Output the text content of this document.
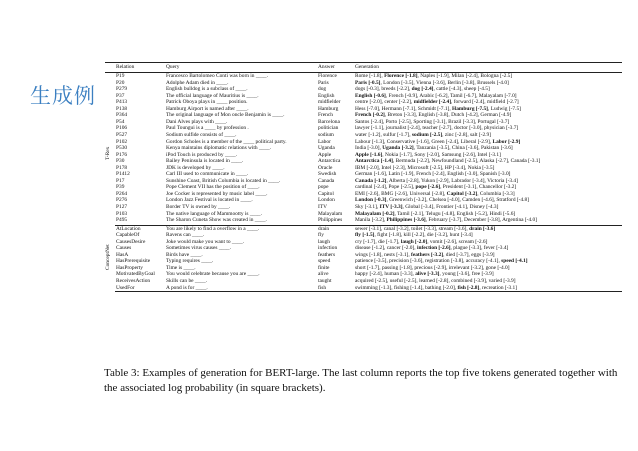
生成例
	Relation	Query	Answer	Generation

T-Rex	P19	Francesco Bartolomeo Conti was born in ____.	Florence	Rome [-1.8], Florence [-1.8], Naples [-1.9], Milan [-2.4], Bologna [-2.5]
	P20	Adolphe Adam died in ____.	Paris	Paris [-0.5], London [-3.5], Vienna [-3.6], Berlin [-3.8], Brussels [-4.0]
	P279	English bulldog is a subclass of ____.	dog	dogs [-0.3], breeds [-2.2], dog [-2.4], cattle [-4.3], sheep [-4.5]
	P37	The official language of Mauritius is ____.	English	English [-0.6], French [-0.9], Arabic [-6.2], Tamil [-6.7], Malayalam [-7.0]
	P413	Patrick Oboya plays in ____ position.	midfielder	centre [-2.0], center [-2.2], midfielder [-2.4], forward [-2.4], midfield [-2.7]
	P138	Hamburg Airport is named after ____.	Hamburg	Hess [-7.0], Hermann [-7.1], Schmidt [-7.1], Hamburg [-7.5], Ludwig [-7.5]
	P364	The original language of Mon oncle Benjamin is ____.	French	French [-0.2], Breton [-3.3], English [-3.8], Dutch [-4.2], German [-4.9]
	P54	Dani Alves plays with ____.	Barcelona	Santos [-2.4], Porto [-2.5], Sporting [-3.1], Brazil [-3.3], Portugal [-3.7]
	P106	Paul Toungui is a ____ by profession .	politician	lawyer [-1.1], journalist [-2.4], teacher [-2.7], doctor [-3.0], physician [-3.7]
	P527	Sodium sulfide consists of ____.	sodium	water [-1.2], sulfur [-1.7], sodium [-2.5], zinc [-2.8], salt [-2.9]
	P102	Gordon Scholes is a member of the ____ political party.	Labor	Labour [-1.3], Conservative [-1.6], Green [-2.4], Liberal [-2.9], Labor [-2.9]
	P530	Kenya maintains diplomatic relations with ____.	Uganda	India [-3.0], Uganda [-3.2], Tanzania [-3.5], China [-3.6], Pakistan [-3.6]
	P176	iPod Touch is produced by ____.	Apple	Apple [-1.6], Nokia [-1.7], Sony [-2.0], Samsung [-2.6], Intel [-3.1]
	P30	Bailey Peninsula is located in ____.	Antarctica	Antarctica [-1.4], Bermuda [-2.2], Newfoundland [-2.5], Alaska [-2.7], Canada [-3.1]
	P178	JDK is developed by ____.	Oracle	IBM [-2.0], Intel [-2.3], Microsoft [-2.5], HP [-3.4], Nokia [-3.5]
	P1412	Carl III used to communicate in ____.	Swedish	German [-1.6], Latin [-1.9], French [-2.4], English [-3.0], Spanish [-3.0]
	P17	Sunshine Coast, British Columbia is located in ____.	Canada	Canada [-1.2], Alberta [-2.8], Yukon [-2.9], Labrador [-3.4], Victoria [-3.4]
	P39	Pope Clement VII has the position of ____.	pope	cardinal [-2.4], Pope [-2.5], pope [-2.6], President [-3.1], Chancellor [-3.2]
	P264	Joe Cocker is represented by music label ____.	Capitol	EMI [-2.6], BMG [-2.6], Universal [-2.8], Capitol [-3.2], Columbia [-3.3]
	P276	London Jazz Festival is located in ____.	London	London [-0.3], Greenwich [-3.2], Chelsea [-4.0], Camden [-4.6], Stratford [-4.8]
	P127	Border TV is owned by ____.	ITV	Sky [-3.1], ITV [-3.3], Global [-3.4], Frontier [-4.1], Disney [-4.3]
	P103	The native language of Mammootty is ____.	Malayalam	Malayalam [-0.2], Tamil [-2.1], Telugu [-4.8], English [-5.2], Hindi [-5.6]
	P495	The Sharon Cuneta Show was created in ____.	Philippines	Manila [-3.2], Philippines [-3.6], February [-3.7], December [-3.8], Argentina [-4.0]

ConceptNet	AtLocation	You are likely to find a overflow in a ____.	drain	sewer [-3.1], canal [-3.2], toilet [-3.3], stream [-3.6], drain [-3.6]
	CapableOf	Ravens can ____.	fly	fly [-1.5], fight [-1.8], kill [-2.2], die [-3.2], hunt [-3.4]
	CausesDesire	Joke would make you want to ____.	laugh	cry [-1.7], die [-1.7], laugh [-2.0], vomit [-2.6], scream [-2.6]
	Causes	Sometimes virus causes ____.	infection	disease [-1.2], cancer [-2.0], infection [-2.6], plague [-3.3], fever [-3.4]
	HasA	Birds have ____.	feathers	wings [-1.8], nests [-3.1], feathers [-3.2], died [-3.7], eggs [-3.9]
	HasPrerequisite	Typing requires ____.	speed	patience [-3.5], precision [-3.6], registration [-3.8], accuracy [-4.1], speed [-4.1]
	HasProperty	Time is ____.	finite	short [-1.7], passing [-1.8], precious [-2.9], irrelevant [-3.2], gone [-4.0]
	MotivatedByGoal	You would celebrate because you are ____.	alive	happy [-2.4], human [-3.3], alive [-3.3], young [-3.6], free [-3.9]
	ReceivesAction	Skills can be ____.	taught	acquired [-2.5], useful [-2.5], learned [-2.8], combined [-3.9], varied [-3.9]
	UsedFor	A pond is for ____.	fish	swimming [-1.3], fishing [-1.4], bathing [-2.0], fish [-2.8], recreation [-3.1]
Table 3: Examples of generation for BERT-large. The last column reports the top five tokens generated together with the associated log probability (in square brackets).
